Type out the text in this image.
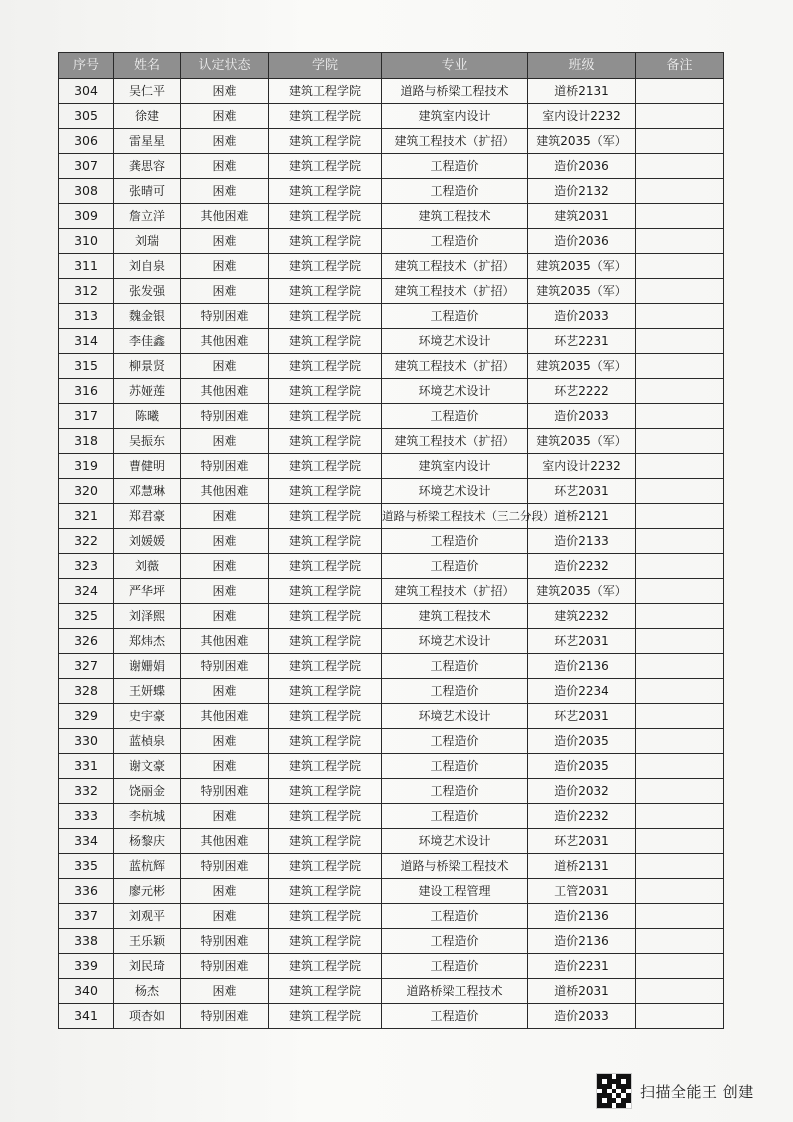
序号	姓名	认定状态	学院	专业	班级	备注
304	吴仁平	困难	建筑工程学院	道路与桥梁工程技术	道桥2131	
305	徐建	困难	建筑工程学院	建筑室内设计	室内设计2232	
306	雷星星	困难	建筑工程学院	建筑工程技术（扩招）	建筑2035（军）	
307	龚思容	困难	建筑工程学院	工程造价	造价2036	
308	张晴可	困难	建筑工程学院	工程造价	造价2132	
309	詹立洋	其他困难	建筑工程学院	建筑工程技术	建筑2031	
310	刘瑞	困难	建筑工程学院	工程造价	造价2036	
311	刘自泉	困难	建筑工程学院	建筑工程技术（扩招）	建筑2035（军）	
312	张发强	困难	建筑工程学院	建筑工程技术（扩招）	建筑2035（军）	
313	魏金银	特别困难	建筑工程学院	工程造价	造价2033	
314	李佳鑫	其他困难	建筑工程学院	环境艺术设计	环艺2231	
315	柳景贤	困难	建筑工程学院	建筑工程技术（扩招）	建筑2035（军）	
316	苏娅莲	其他困难	建筑工程学院	环境艺术设计	环艺2222	
317	陈曦	特别困难	建筑工程学院	工程造价	造价2033	
318	吴振东	困难	建筑工程学院	建筑工程技术（扩招）	建筑2035（军）	
319	曹健明	特别困难	建筑工程学院	建筑室内设计	室内设计2232	
320	邓慧琳	其他困难	建筑工程学院	环境艺术设计	环艺2031	
321	郑君豪	困难	建筑工程学院	道路与桥梁工程技术（三二分段）	道桥2121	
322	刘媛媛	困难	建筑工程学院	工程造价	造价2133	
323	刘薇	困难	建筑工程学院	工程造价	造价2232	
324	严华坪	困难	建筑工程学院	建筑工程技术（扩招）	建筑2035（军）	
325	刘泽熙	困难	建筑工程学院	建筑工程技术	建筑2232	
326	郑炜杰	其他困难	建筑工程学院	环境艺术设计	环艺2031	
327	谢姗娟	特别困难	建筑工程学院	工程造价	造价2136	
328	王妍蝶	困难	建筑工程学院	工程造价	造价2234	
329	史宇豪	其他困难	建筑工程学院	环境艺术设计	环艺2031	
330	蓝楨泉	困难	建筑工程学院	工程造价	造价2035	
331	谢文豪	困难	建筑工程学院	工程造价	造价2035	
332	饶丽金	特别困难	建筑工程学院	工程造价	造价2032	
333	李杭城	困难	建筑工程学院	工程造价	造价2232	
334	杨黎庆	其他困难	建筑工程学院	环境艺术设计	环艺2031	
335	蓝杭辉	特别困难	建筑工程学院	道路与桥梁工程技术	道桥2131	
336	廖元彬	困难	建筑工程学院	建设工程管理	工管2031	
337	刘观平	困难	建筑工程学院	工程造价	造价2136	
338	王乐颖	特别困难	建筑工程学院	工程造价	造价2136	
339	刘民琦	特别困难	建筑工程学院	工程造价	造价2231	
340	杨杰	困难	建筑工程学院	道路桥梁工程技术	道桥2031	
341	项杏如	特别困难	建筑工程学院	工程造价	造价2033	
扫描全能王 创建
